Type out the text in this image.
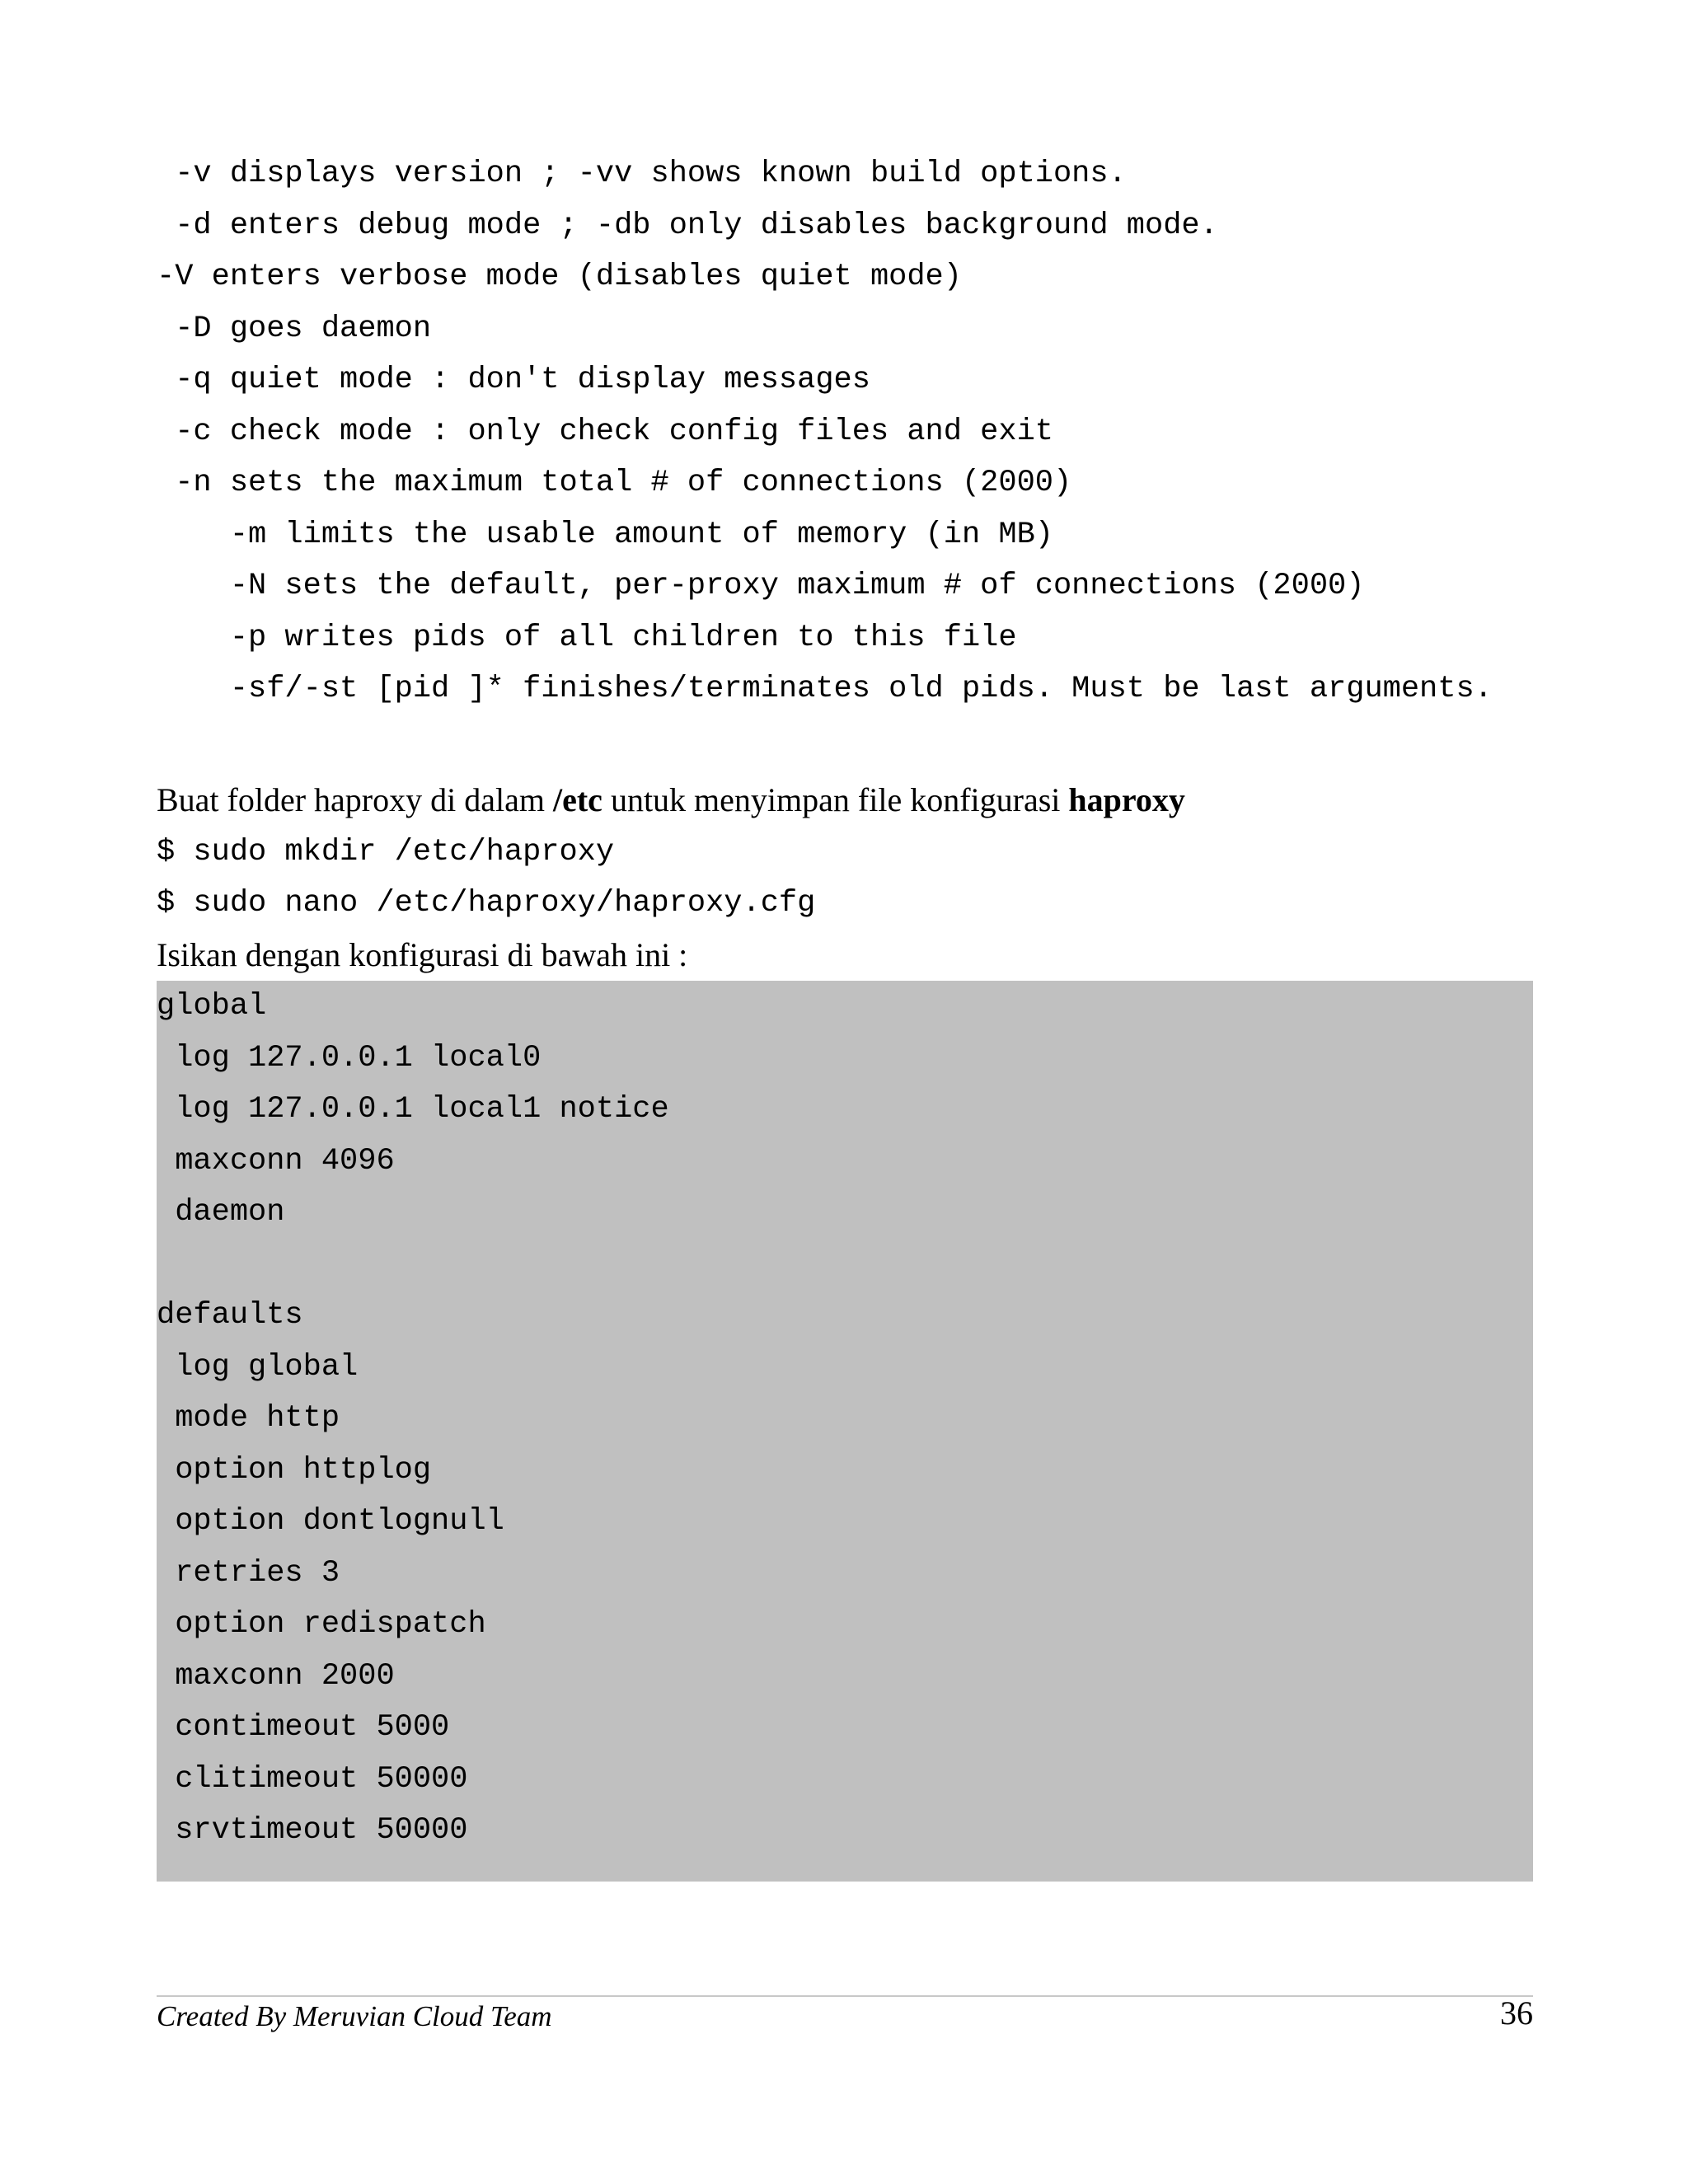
-v displays version ; -vv shows known build options.
-d enters debug mode ; -db only disables background mode.
-V enters verbose mode (disables quiet mode)
-D goes daemon
-q quiet mode : don't display messages
-c check mode : only check config files and exit
-n sets the maximum total # of connections (2000)
-m limits the usable amount of memory (in MB)
-N sets the default, per-proxy maximum # of connections (2000)
-p writes pids of all children to this file
-sf/-st [pid ]* finishes/terminates old pids. Must be last arguments.
Buat folder haproxy di dalam /etc untuk menyimpan file konfigurasi haproxy
$ sudo mkdir /etc/haproxy
$ sudo nano /etc/haproxy/haproxy.cfg
Isikan dengan konfigurasi di bawah ini :
global
log 127.0.0.1 local0
log 127.0.0.1 local1 notice
maxconn 4096
daemon
defaults
log global
mode http
option httplog
option dontlognull
retries 3
option redispatch
maxconn 2000
contimeout 5000
clitimeout 50000
srvtimeout 50000
Created By Meruvian Cloud Team	36
